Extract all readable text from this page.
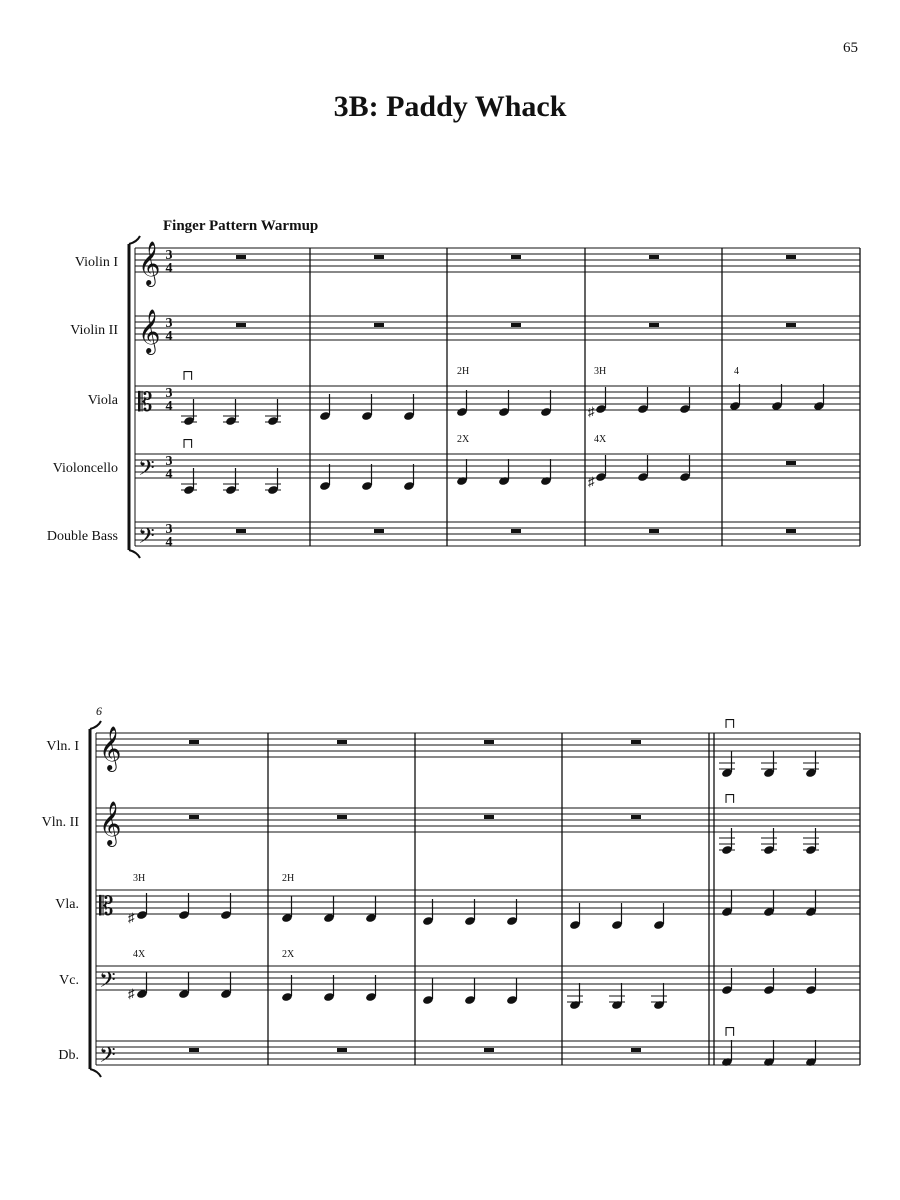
65
3B: Paddy Whack
Finger Pattern Warmup
Violin I
Violin II
Viola
Violoncello
Double Bass
Vln. I
Vln. II
Vla.
Vc.
Db.
6
𝄞
𝄞
𝄡
𝄢
𝄢
𝄞
𝄞
𝄡
𝄢
𝄢
3
4
3
4
3
4
3
4
3
4
⊓
⊓
⊓
⊓
⊓
2H	3H	4
2X	4X
3H	2H
4X	2X
♯
♯
♯
♯
